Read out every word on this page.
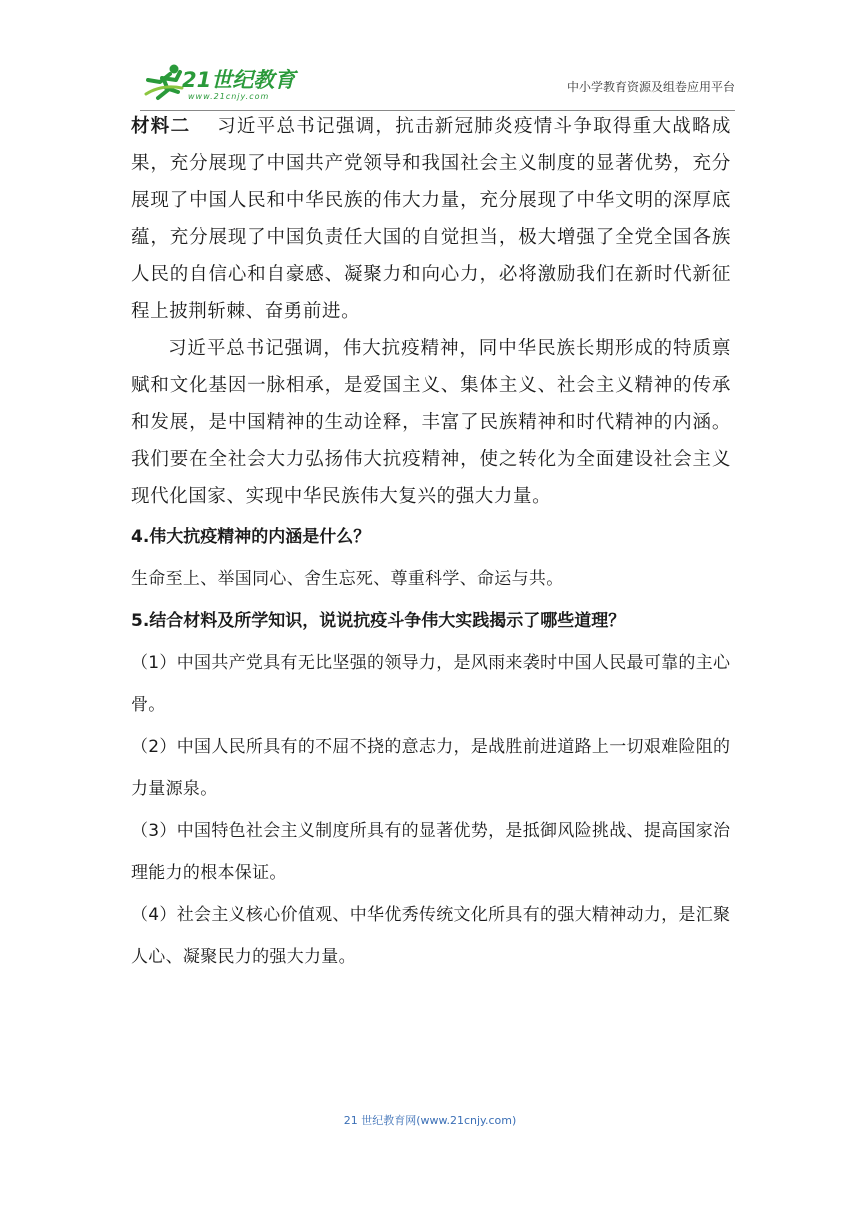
21世纪教育
www.21cnjy.com
中小学教育资源及组卷应用平台

材料二 习近平总书记强调，抗击新冠肺炎疫情斗争取得重大战略成果，充分展现了中国共产党领导和我国社会主义制度的显著优势，充分展现了中国人民和中华民族的伟大力量，充分展现了中华文明的深厚底蕴，充分展现了中国负责任大国的自觉担当，极大增强了全党全国各族人民的自信心和自豪感、凝聚力和向心力，必将激励我们在新时代新征程上披荆斩棘、奋勇前进。

习近平总书记强调，伟大抗疫精神，同中华民族长期形成的特质禀赋和文化基因一脉相承，是爱国主义、集体主义、社会主义精神的传承和发展，是中国精神的生动诠释，丰富了民族精神和时代精神的内涵。我们要在全社会大力弘扬伟大抗疫精神，使之转化为全面建设社会主义现代化国家、实现中华民族伟大复兴的强大力量。

4.伟大抗疫精神的内涵是什么？

生命至上、举国同心、舍生忘死、尊重科学、命运与共。

5.结合材料及所学知识，说说抗疫斗争伟大实践揭示了哪些道理？

（1）中国共产党具有无比坚强的领导力，是风雨来袭时中国人民最可靠的主心骨。

（2）中国人民所具有的不屈不挠的意志力，是战胜前进道路上一切艰难险阻的力量源泉。

（3）中国特色社会主义制度所具有的显著优势，是抵御风险挑战、提高国家治理能力的根本保证。

（4）社会主义核心价值观、中华优秀传统文化所具有的强大精神动力，是汇聚人心、凝聚民力的强大力量。

21 世纪教育网(www.21cnjy.com)
